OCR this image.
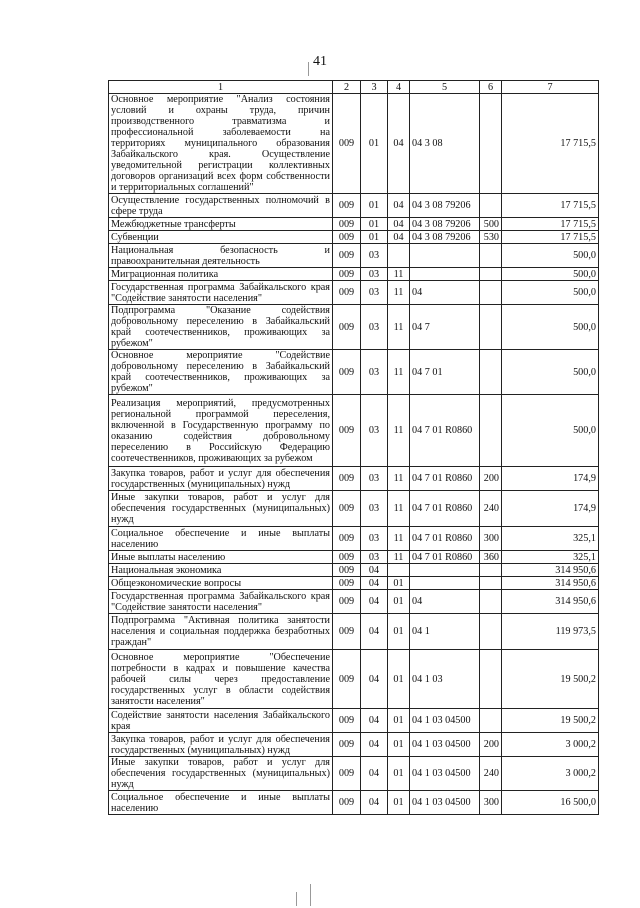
41
1	2	3	4	5	6	7
Основное мероприятие "Анализ состояния условий и охраны труда, причин производственного травматизма и профессиональной заболеваемости на территориях муниципального образования Забайкальского края. Осуществление уведомительной регистрации коллективных договоров организаций всех форм собственности и территориальных соглашений"	009	01	04	04 3 08		17 715,5
Осуществление государственных полномочий в сфере труда	009	01	04	04 3 08 79206		17 715,5
Межбюджетные трансферты	009	01	04	04 3 08 79206	500	17 715,5
Субвенции	009	01	04	04 3 08 79206	530	17 715,5
Национальная безопасность и правоохранительная деятельность	009	03				500,0
Миграционная политика	009	03	11			500,0
Государственная программа Забайкальского края "Содействие занятости населения"	009	03	11	04		500,0
Подпрограмма "Оказание содействия добровольному переселению в Забайкальский край соотечественников, проживающих за рубежом"	009	03	11	04 7		500,0
Основное мероприятие "Содействие добровольному переселению в Забайкальский край соотечественников, проживающих за рубежом"	009	03	11	04 7 01		500,0
Реализация мероприятий, предусмотренных региональной программой переселения, включенной в Государственную программу по оказанию содействия добровольному переселению в Российскую Федерацию соотечественников, проживающих за рубежом	009	03	11	04 7 01 R0860		500,0
Закупка товаров, работ и услуг для обеспечения государственных (муниципальных) нужд	009	03	11	04 7 01 R0860	200	174,9
Иные закупки товаров, работ и услуг для обеспечения государственных (муниципальных) нужд	009	03	11	04 7 01 R0860	240	174,9
Социальное обеспечение и иные выплаты населению	009	03	11	04 7 01 R0860	300	325,1
Иные выплаты населению	009	03	11	04 7 01 R0860	360	325,1
Национальная экономика	009	04				314 950,6
Общеэкономические вопросы	009	04	01			314 950,6
Государственная программа Забайкальского края "Содействие занятости населения"	009	04	01	04		314 950,6
Подпрограмма "Активная политика занятости населения и социальная поддержка безработных граждан"	009	04	01	04 1		119 973,5
Основное мероприятие "Обеспечение потребности в кадрах и повышение качества рабочей силы через предоставление государственных услуг в области содействия занятости населения"	009	04	01	04 1 03		19 500,2
Содействие занятости населения Забайкальского края	009	04	01	04 1 03 04500		19 500,2
Закупка товаров, работ и услуг для обеспечения государственных (муниципальных) нужд	009	04	01	04 1 03 04500	200	3 000,2
Иные закупки товаров, работ и услуг для обеспечения государственных (муниципальных) нужд	009	04	01	04 1 03 04500	240	3 000,2
Социальное обеспечение и иные выплаты населению	009	04	01	04 1 03 04500	300	16 500,0
